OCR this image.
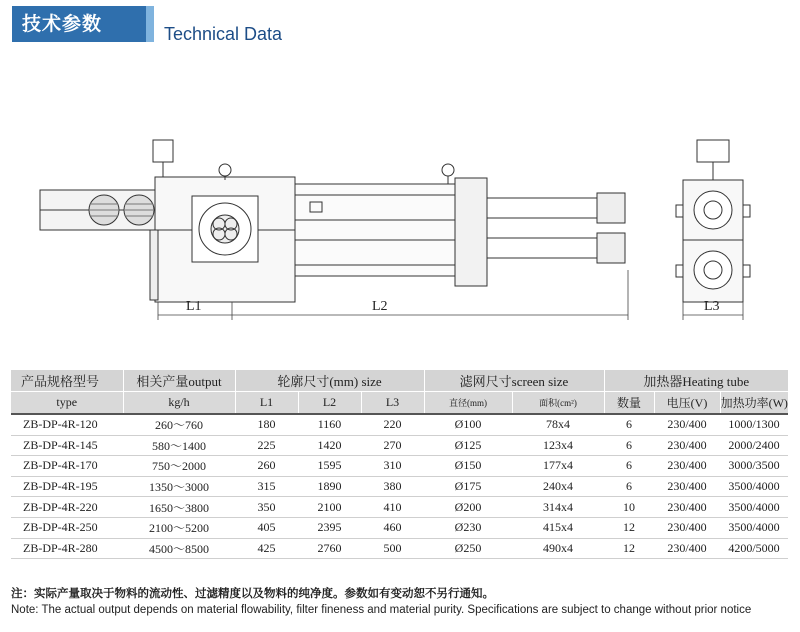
技术参数	Technical Data
L1	L2	L3
产品规格型号	相关产量output	轮廓尺寸(mm) size			滤网尺寸screen size		加热器Heating tube		
type	kg/h	L1	L2	L3	直径(mm)	面积(cm²)	数量	电压(V)	加热功率(W)
ZB-DP-4R-120	260～760	180	1160	220	Ø100	78x4	6	230/400	1000/1300
ZB-DP-4R-145	580～1400	225	1420	270	Ø125	123x4	6	230/400	2000/2400
ZB-DP-4R-170	750～2000	260	1595	310	Ø150	177x4	6	230/400	3000/3500
ZB-DP-4R-195	1350～3000	315	1890	380	Ø175	240x4	6	230/400	3500/4000
ZB-DP-4R-220	1650～3800	350	2100	410	Ø200	314x4	10	230/400	3500/4000
ZB-DP-4R-250	2100～5200	405	2395	460	Ø230	415x4	12	230/400	3500/4000
ZB-DP-4R-280	4500～8500	425	2760	500	Ø250	490x4	12	230/400	4200/5000
注：实际产量取决于物料的流动性、过滤精度以及物料的纯净度。参数如有变动恕不另行通知。
Note: The actual output depends on material flowability, filter fineness and material purity. Specifications are subject to change without prior notice
